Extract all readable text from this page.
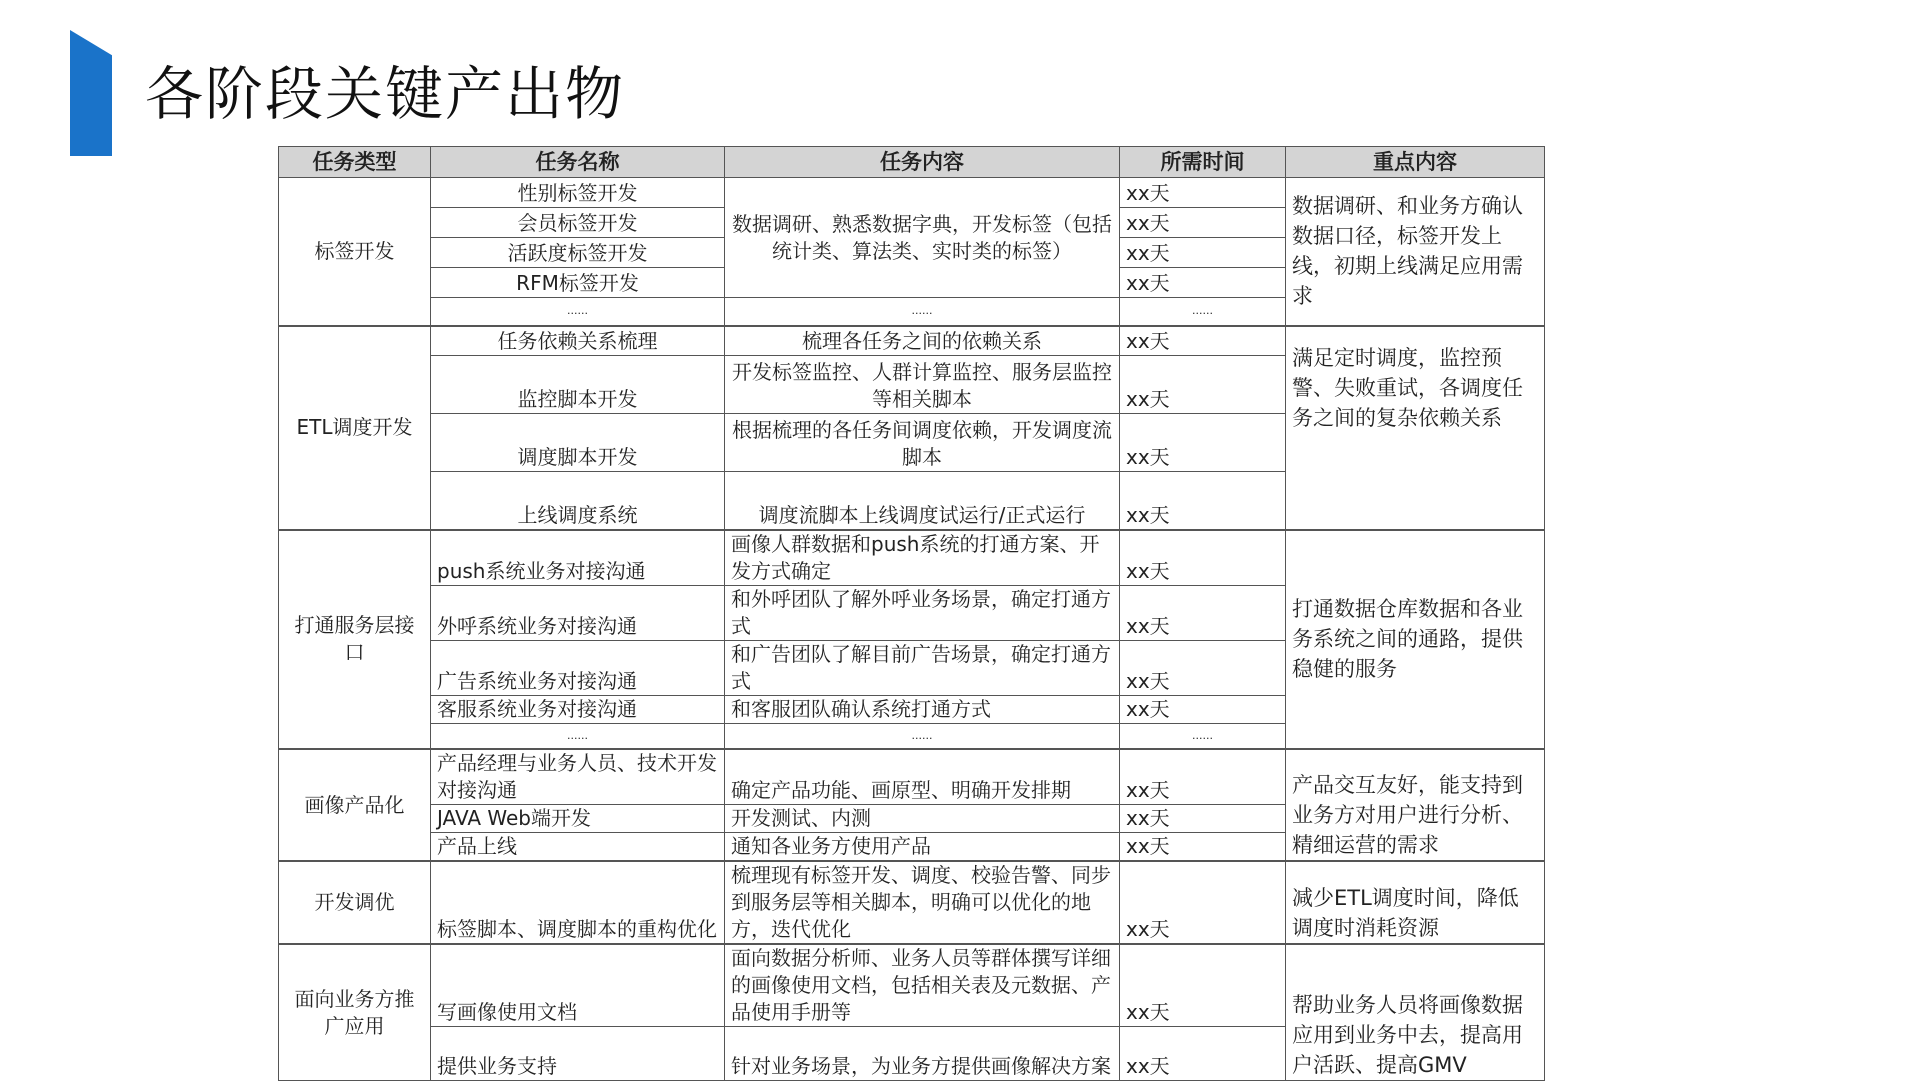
各阶段关键产出物
任务类型	任务名称	任务内容	所需时间	重点内容
标签开发	性别标签开发	数据调研、熟悉数据字典，开发标签（包括统计类、算法类、实时类的标签）	xx天	数据调研、和业务方确认数据口径，标签开发上线，初期上线满足应用需求
	会员标签开发		xx天	
	活跃度标签开发		xx天	
	RFM标签开发		xx天	
	......	......	......	
ETL调度开发	任务依赖关系梳理	梳理各任务之间的依赖关系	xx天	满足定时调度，监控预警、失败重试，各调度任务之间的复杂依赖关系
	监控脚本开发	开发标签监控、人群计算监控、服务层监控等相关脚本	xx天	
	调度脚本开发	根据梳理的各任务间调度依赖，开发调度流脚本	xx天	
	上线调度系统	调度流脚本上线调度试运行/正式运行	xx天	
打通服务层接口	push系统业务对接沟通	画像人群数据和push系统的打通方案、开发方式确定	xx天	打通数据仓库数据和各业务系统之间的通路，提供稳健的服务
	外呼系统业务对接沟通	和外呼团队了解外呼业务场景，确定打通方式	xx天	
	广告系统业务对接沟通	和广告团队了解目前广告场景，确定打通方式	xx天	
	客服系统业务对接沟通	和客服团队确认系统打通方式	xx天	
	......	......	......	
画像产品化	产品经理与业务人员、技术开发对接沟通	确定产品功能、画原型、明确开发排期	xx天	产品交互友好，能支持到业务方对用户进行分析、精细运营的需求
	JAVA Web端开发	开发测试、内测	xx天	
	产品上线	通知各业务方使用产品	xx天	
开发调优	标签脚本、调度脚本的重构优化	梳理现有标签开发、调度、校验告警、同步到服务层等相关脚本，明确可以优化的地方，迭代优化	xx天	减少ETL调度时间，降低调度时消耗资源
面向业务方推广应用	写画像使用文档	面向数据分析师、业务人员等群体撰写详细的画像使用文档，包括相关表及元数据、产品使用手册等	xx天	帮助业务人员将画像数据应用到业务中去，提高用户活跃、提高GMV
	提供业务支持	针对业务场景，为业务方提供画像解决方案	xx天	
